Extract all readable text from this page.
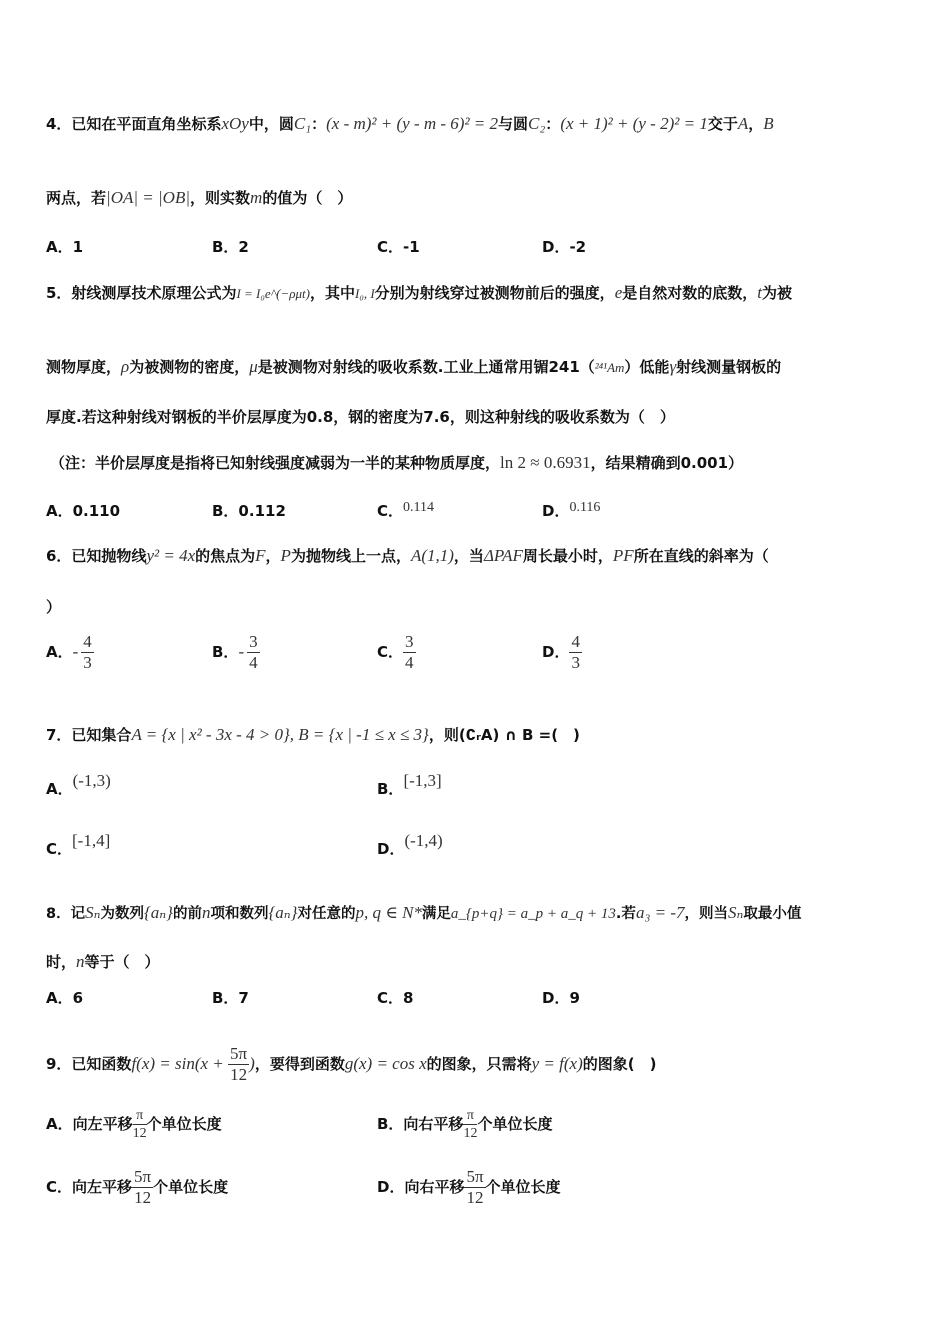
4．已知在平面直角坐标系xOy中，圆C₁：(x - m)² + (y - m - 6)² = 2与圆C₂：(x + 1)² + (y - 2)² = 1交于A，B
两点，若|OA| = |OB|，则实数m的值为（　）
A．1	B．2	C．-1	D．-2
5．射线测厚技术原理公式为I = I₀e^(−ρμt)，其中I₀, I分别为射线穿过被测物前后的强度，e是自然对数的底数，t为被
测物厚度，ρ为被测物的密度，μ是被测物对射线的吸收系数.工业上通常用镅241（²⁴¹Am）低能γ射线测量钢板的
厚度.若这种射线对钢板的半价层厚度为0.8，钢的密度为7.6，则这种射线的吸收系数为（　）
（注：半价层厚度是指将已知射线强度减弱为一半的某种物质厚度，ln 2 ≈ 0.6931，结果精确到0.001）
A．0.110	B．0.112	C．0.114	D．0.116
6．已知抛物线y² = 4x的焦点为F，P为抛物线上一点，A(1,1)，当ΔPAF周长最小时，PF所在直线的斜率为（
）
A．- $\frac{4}{3}$	B．- $\frac{3}{4}$	C． $\frac{3}{4}$	D． $\frac{4}{3}$
7．已知集合A = {x | x² - 3x - 4 > 0}, B = {x | -1 ≤ x ≤ 3}，则(∁ᵣA) ∩ B =(　)
A．(-1,3)	B．[-1,3]
C．[-1,4]	D．(-1,4)
8．记Sₙ为数列{aₙ}的前n项和数列{aₙ}对任意的p, q ∈ N*满足a_{p+q} = a_p + a_q + 13.若a₃ = -7，则当Sₙ取最小值
时，n等于（　）
A．6	B．7	C．8	D．9
9．已知函数$f(x) = \sin(x + \frac{5\pi}{12}$ )，要得到函数g(x) = cos x的图象，只需将y = f(x)的图象(　)
A．向左平移 $\frac{\pi}{12}$ 个单位长度	B．向右平移 $\frac{\pi}{12}$ 个单位长度
C．向左平移 $\frac{5\pi}{12}$ 个单位长度	D．向右平移 $\frac{5\pi}{12}$ 个单位长度
